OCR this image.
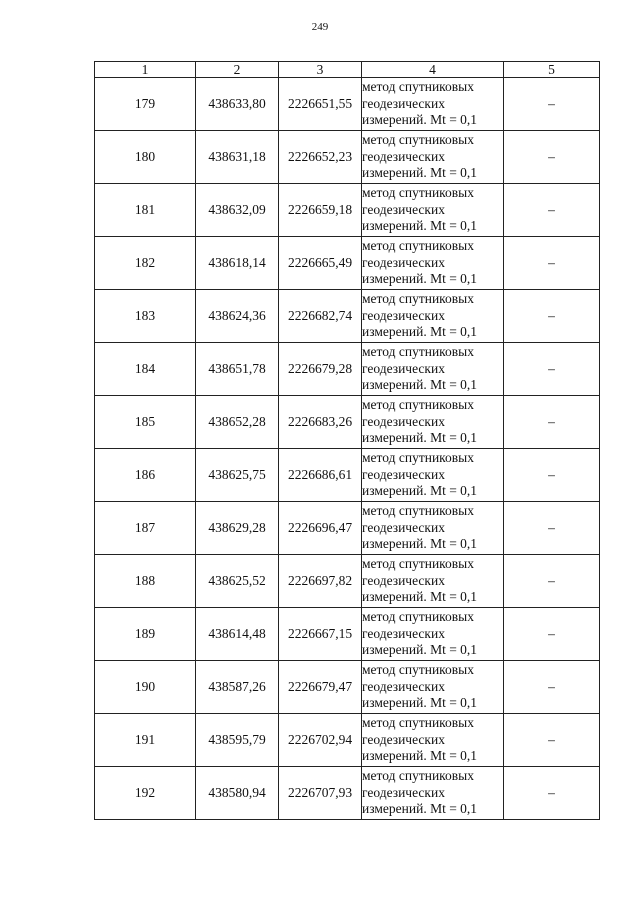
249
1	2	3	4	5
179	438633,80	2226651,55	метод спутниковых геодезических измерений. Mt = 0,1	–
180	438631,18	2226652,23	метод спутниковых геодезических измерений. Mt = 0,1	–
181	438632,09	2226659,18	метод спутниковых геодезических измерений. Mt = 0,1	–
182	438618,14	2226665,49	метод спутниковых геодезических измерений. Mt = 0,1	–
183	438624,36	2226682,74	метод спутниковых геодезических измерений. Mt = 0,1	–
184	438651,78	2226679,28	метод спутниковых геодезических измерений. Mt = 0,1	–
185	438652,28	2226683,26	метод спутниковых геодезических измерений. Mt = 0,1	–
186	438625,75	2226686,61	метод спутниковых геодезических измерений. Mt = 0,1	–
187	438629,28	2226696,47	метод спутниковых геодезических измерений. Mt = 0,1	–
188	438625,52	2226697,82	метод спутниковых геодезических измерений. Mt = 0,1	–
189	438614,48	2226667,15	метод спутниковых геодезических измерений. Mt = 0,1	–
190	438587,26	2226679,47	метод спутниковых геодезических измерений. Mt = 0,1	–
191	438595,79	2226702,94	метод спутниковых геодезических измерений. Mt = 0,1	–
192	438580,94	2226707,93	метод спутниковых геодезических измерений. Mt = 0,1	–
